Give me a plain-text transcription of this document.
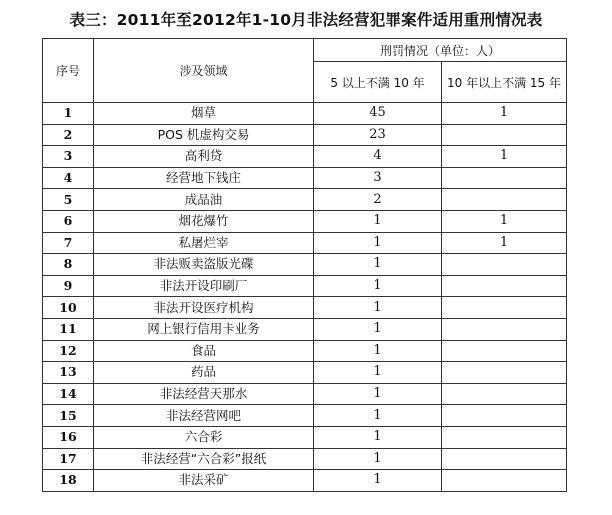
表三：2011年至2012年1-10月非法经营犯罪案件适用重刑情况表
序号	涉及领域	刑罚情况（单位：人）	
		5 以上不满 10 年	10 年以上不满 15 年
1	烟草	45	1
2	POS 机虚构交易	23	
3	高利贷	4	1
4	经营地下钱庄	3	
5	成品油	2	
6	烟花爆竹	1	1
7	私屠烂宰	1	1
8	非法贩卖盗版光碟	1	
9	非法开设印刷厂	1	
10	非法开设医疗机构	1	
11	网上银行信用卡业务	1	
12	食品	1	
13	药品	1	
14	非法经营天那水	1	
15	非法经营网吧	1	
16	六合彩	1	
17	非法经营“六合彩”报纸	1	
18	非法采矿	1	
